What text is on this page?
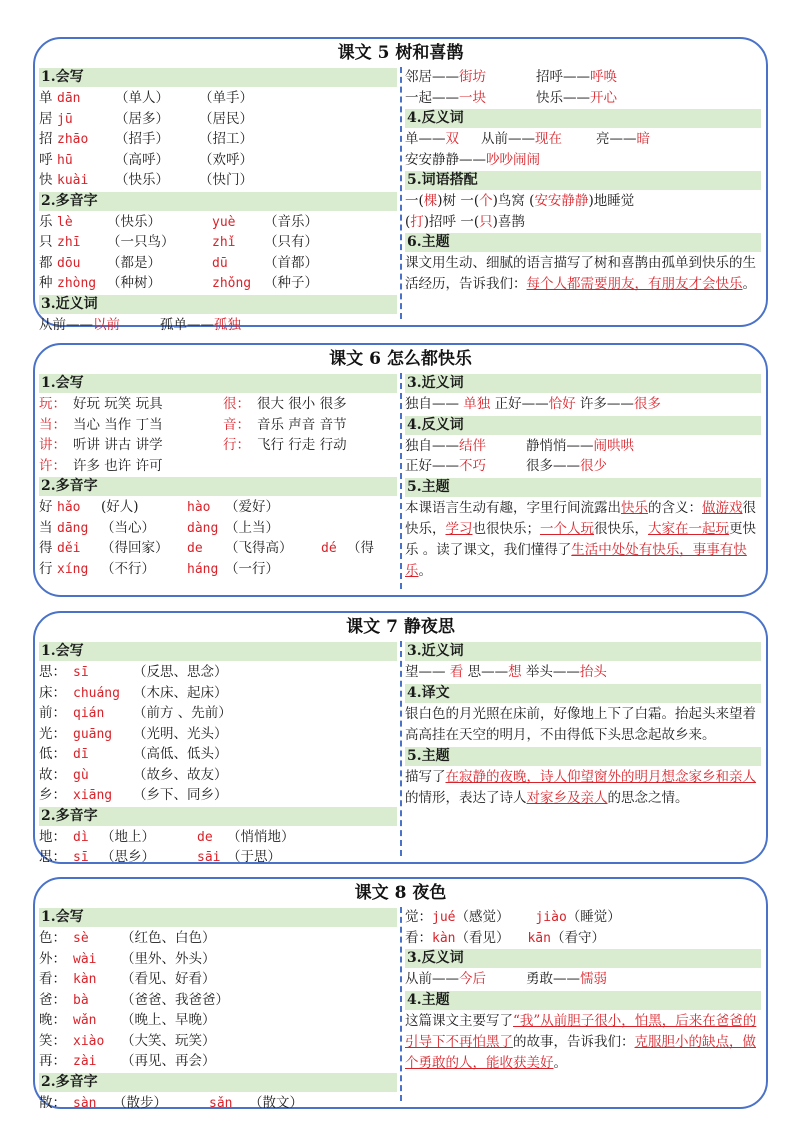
课文 5 树和喜鹊
1.会写
单 dān	（单人） （单手）
居 jū	（居多） （居民）
招 zhāo （招手） （招工）
呼 hū	（高呼） （欢呼）
快 kuài （快乐） （快门）
2.多音字
乐 lè	（快乐）	yuè （音乐）
只 zhī （一只鸟）	zhǐ （只有）
都 dōu （都是）	dū	（首都）
种 zhòng （种树）	zhǒng （种子）
3.近义词
从前——以前	孤单——孤独
邻居——街坊	招呼——呼唤
一起——一块	快乐——开心
4.反义词
单——双 从前——现在	亮——暗
安安静静——吵吵闹闹
5.词语搭配
一(棵)树 一(个)鸟窝 (安安静静)地睡觉
(打)招呼 一(只)喜鹊
6.主题
课文用生动、细腻的语言描写了树和喜鹊由孤单到快乐的生活经历，告诉我们：每个人都需要朋友，有朋友才会快乐。
课文 6 怎么都快乐
1.会写
玩： 好玩 玩笑 玩具	很： 很大 很小 很多
当： 当心 当作 丁当	音： 音乐 声音 音节
讲： 听讲 讲古 讲学	行： 飞行 行走 行动
许： 许多 也许 许可
2.多音字
好 hǎo (好人)	hào （爱好）
当 dāng （当心） dàng （上当）
得 děi （得回家） de （飞得高） dé （得
行 xíng （不行） háng （一行）
3.近义词
独自—— 单独 正好——恰好 许多——很多
4.反义词
独自——结伴	静悄悄——闹哄哄
正好——不巧	很多——很少
5.主题
本课语言生动有趣，字里行间流露出快乐的含义：做游戏很快乐，学习也很快乐；一个人玩很快乐，大家在一起玩更快乐 。读了课文，我们懂得了生活中处处有快乐，事事有快乐。
课文 7 静夜思
1.会写
思： sī	（反思、思念）
床： chuáng （木床、起床）
前： qián （前方 、先前）
光： guāng （光明、光头）
低： dī	（高低、低头）
故： gù	（故乡、故友）
乡： xiāng （乡下、同乡）
2.多音字
地： dì （地上）	de （悄悄地）
思： sī （思乡）	sāi （于思）
3.近义词
望—— 看 思——想 举头——抬头
4.译文
银白色的月光照在床前，好像地上下了白霜。抬起头来望着高高挂在天空的明月，不由得低下头思念起故乡来。
5.主题
描写了在寂静的夜晚，诗人仰望窗外的明月想念家乡和亲人的情形，表达了诗人对家乡及亲人的思念之情。
课文 8 夜色
1.会写
色： sè （红色、白色）
外： wài （里外、外头）
看： kàn （看见、好看）
爸： bà （爸爸、我爸爸）
晚： wǎn （晚上、早晚）
笑： xiào （大笑、玩笑）
再： zài （再见、再会）
2.多音字
散： sàn （散步）	sǎn （散文）
觉：jué（感觉） jiào（睡觉）
看：kàn（看见） kān（看守）
3.反义词
从前——今后	勇敢——懦弱
4.主题
这篇课文主要写了“我”从前胆子很小，怕黑，后来在爸爸的引导下不再怕黑了的故事，告诉我们：克服胆小的缺点，做个勇敢的人，能收获美好。
